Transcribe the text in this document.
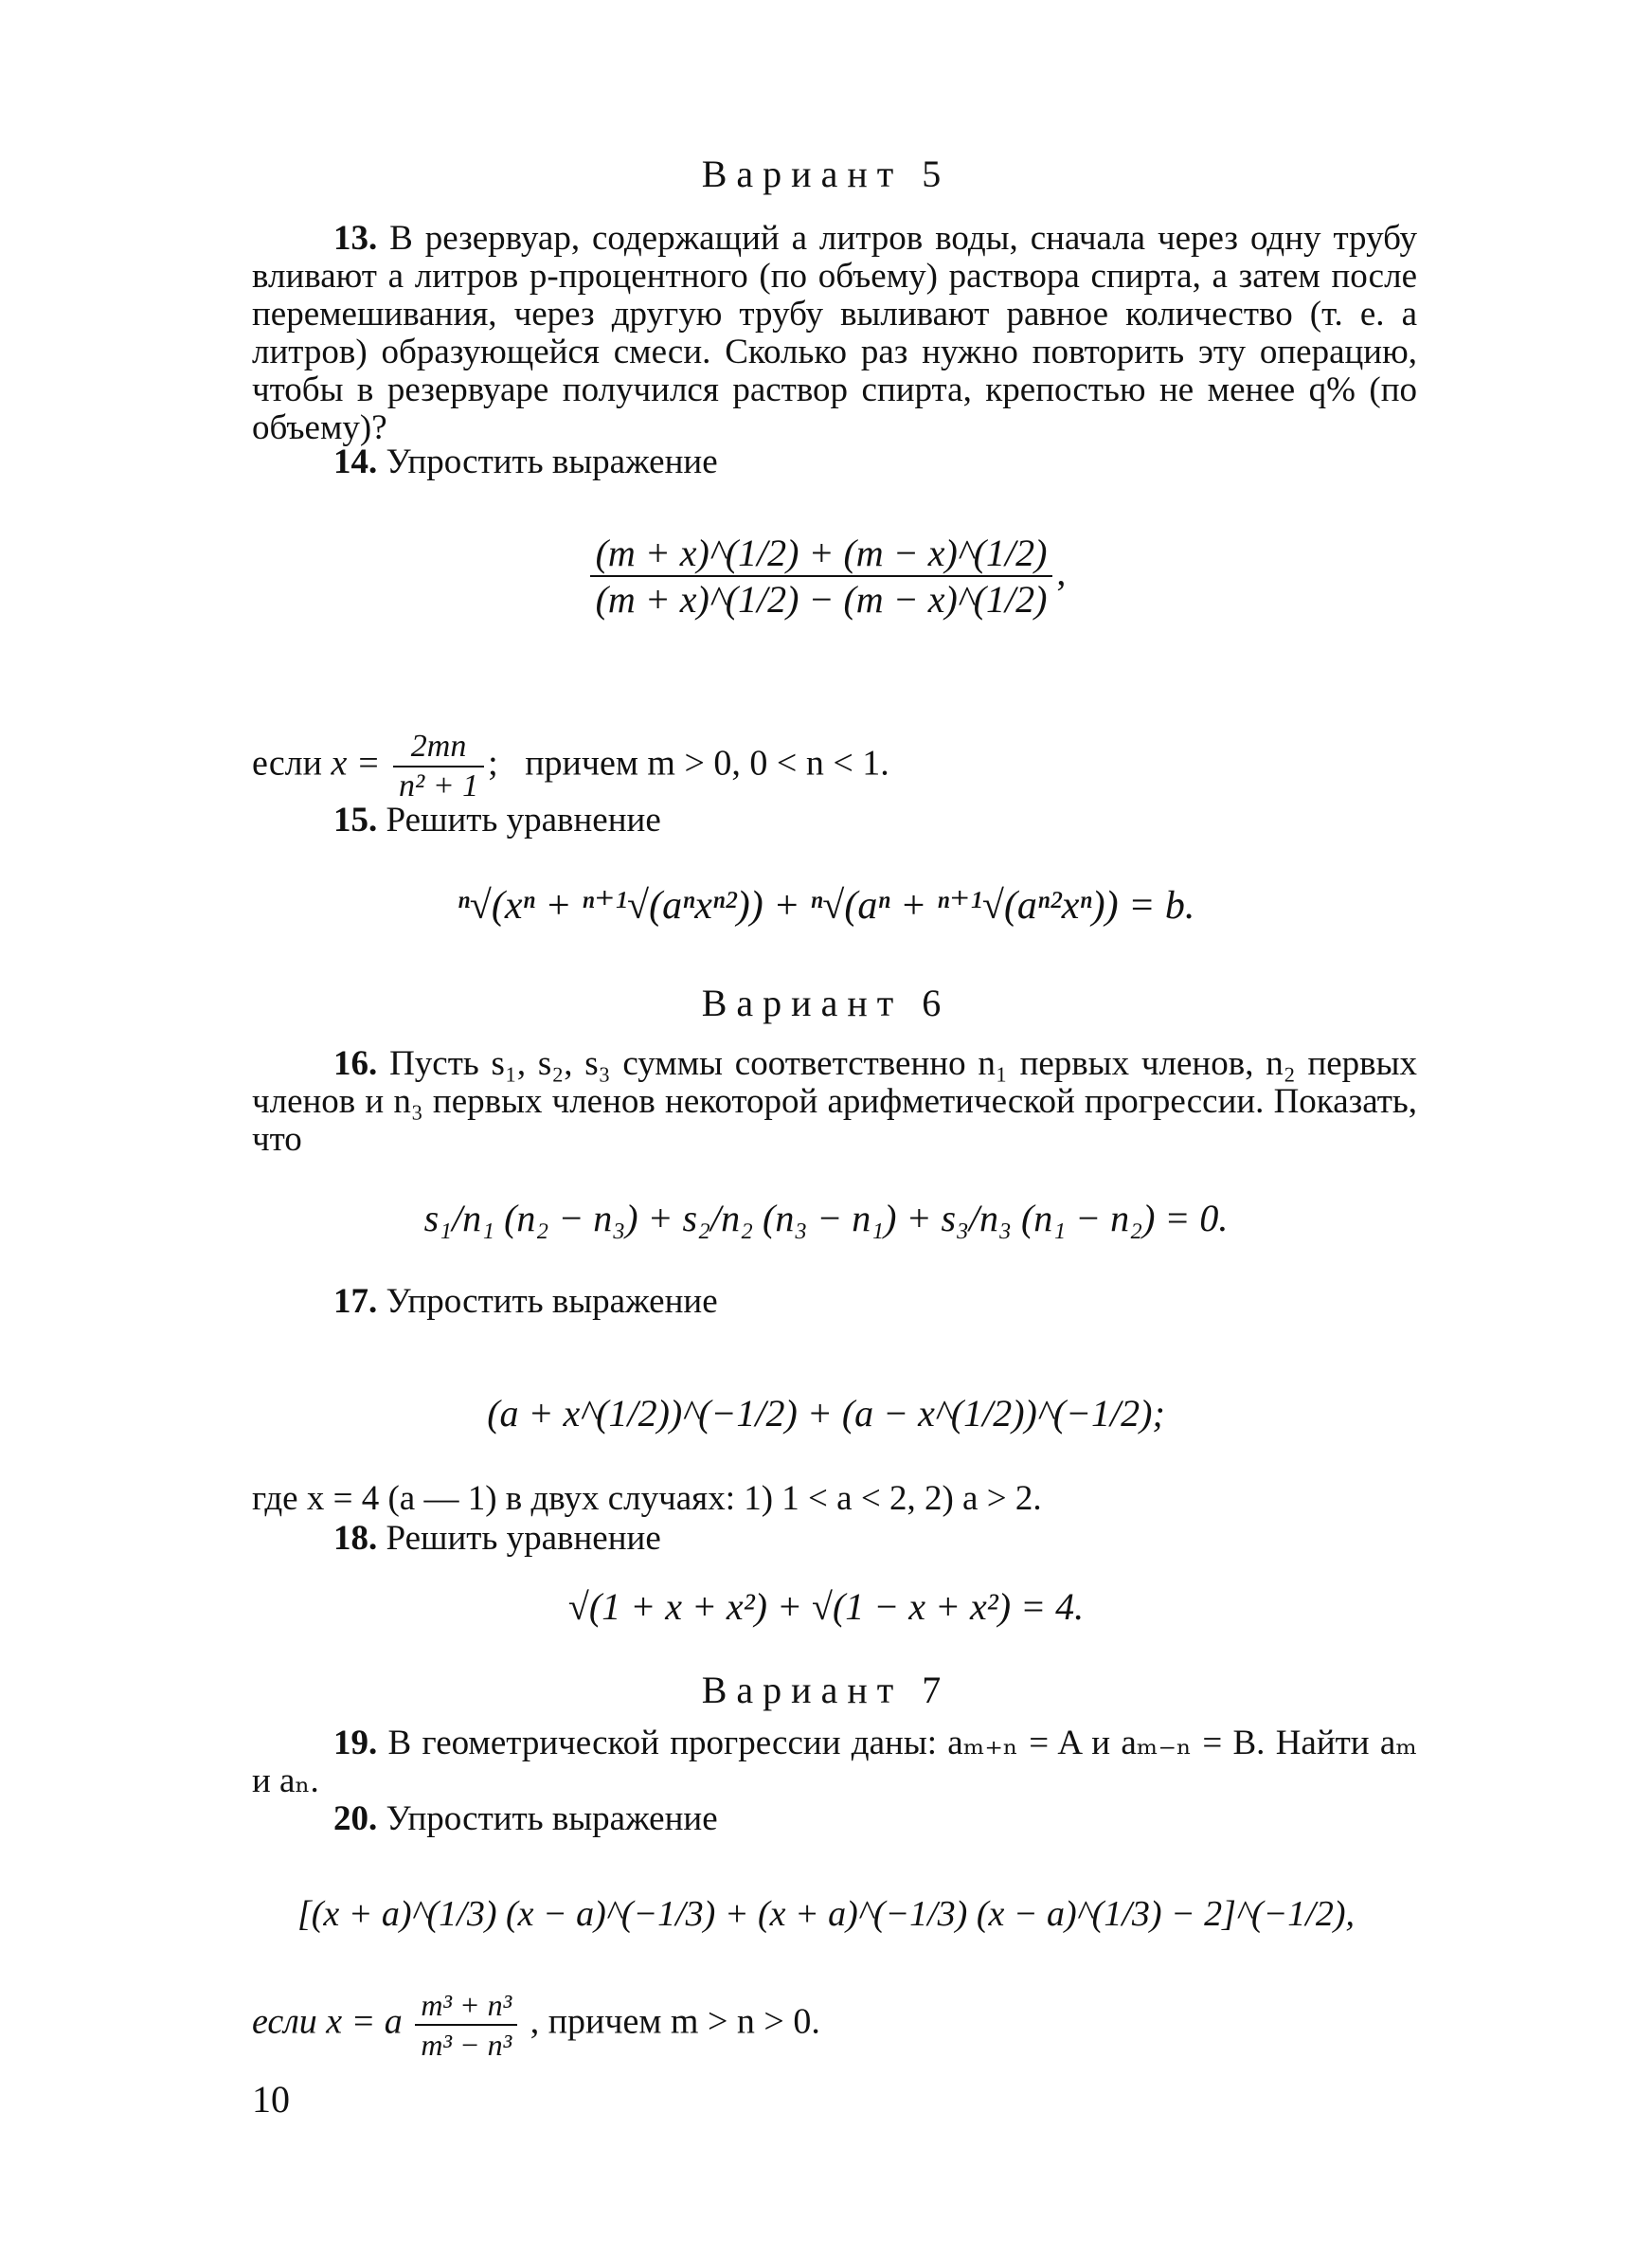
Вариант 5

13. В резервуар, содержащий a литров воды, сначала через одну трубу вливают a литров p-процентного (по объему) раствора спирта, а затем после перемешивания, через другую трубу выливают равное количество (т. е. a литров) образующейся смеси. Сколько раз нужно повторить эту операцию, чтобы в резервуаре получился раствор спирта, крепостью не менее q% (по объему)?

14. Упростить выражение

$\frac{(m + x)\^{}(1/2) + (m - x)\^{}(1/2)}{(m + x)\^{}(1/2) - (m - x)\^{}(1/2)}$ ,
если $x = \frac{2mn}{\text{n² + 1}}$ ;   причем m > 0, 0 < n < 1.

15. Решить уравнение

ⁿ√(xⁿ + ⁿ⁺¹√(aⁿxⁿ²)) + ⁿ√(aⁿ + ⁿ⁺¹√(aⁿ²xⁿ)) = b.
Вариант 6

16. Пусть s₁, s₂, s₃ суммы соответственно n₁ первых членов, n₂ первых членов и n₃ первых членов некоторой арифметической прогрессии. Показать, что

s₁/n₁ (n₂ − n₃) + s₂/n₂ (n₃ − n₁) + s₃/n₃ (n₁ − n₂) = 0.

17. Упростить выражение

(a + x^(1/2))^(−1/2) + (a − x^(1/2))^(−1/2);
где x = 4 (a — 1) в двух случаях: 1) 1 < a < 2, 2) a > 2.

18. Решить уравнение

√(1 + x + x²) + √(1 − x + x²) = 4.
Вариант 7

19. В геометрической прогрессии даны: aₘ₊ₙ = A и aₘ₋ₙ = B. Найти aₘ и aₙ.

20. Упростить выражение

[(x + a)^(1/3) (x − a)^(−1/3) + (x + a)^(−1/3) (x − a)^(1/3) − 2]^(−1/2),
если x = a $\frac{\text{m³ + n³}}{\text{m³ − n³}}$ , причем m > n > 0.
10
